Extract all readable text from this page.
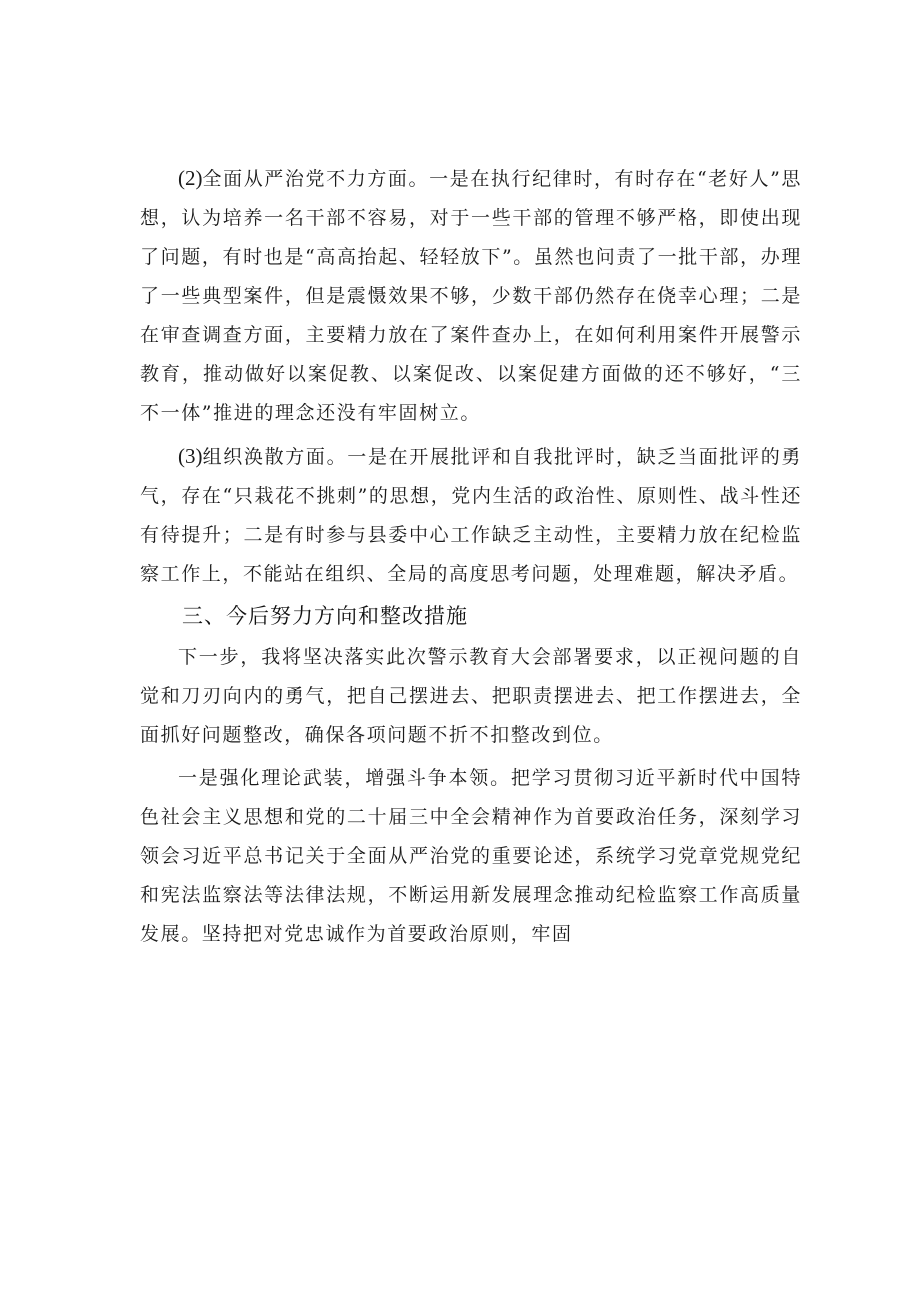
(2)全面从严治党不力方面。一是在执行纪律时，有时存在“老好人”思想，认为培养一名干部不容易，对于一些干部的管理不够严格，即使出现了问题，有时也是“高高抬起、轻轻放下”。虽然也问责了一批干部，办理了一些典型案件，但是震慑效果不够，少数干部仍然存在侥幸心理；二是在审查调查方面，主要精力放在了案件查办上，在如何利用案件开展警示教育，推动做好以案促教、以案促改、以案促建方面做的还不够好，“三不一体”推进的理念还没有牢固树立。

(3)组织涣散方面。一是在开展批评和自我批评时，缺乏当面批评的勇气，存在“只栽花不挑刺”的思想，党内生活的政治性、原则性、战斗性还有待提升；二是有时参与县委中心工作缺乏主动性，主要精力放在纪检监察工作上，不能站在组织、全局的高度思考问题，处理难题，解决矛盾。

三、今后努力方向和整改措施

下一步，我将坚决落实此次警示教育大会部署要求，以正视问题的自觉和刀刃向内的勇气，把自己摆进去、把职责摆进去、把工作摆进去，全面抓好问题整改，确保各项问题不折不扣整改到位。

一是强化理论武装，增强斗争本领。把学习贯彻习近平新时代中国特色社会主义思想和党的二十届三中全会精神作为首要政治任务，深刻学习领会习近平总书记关于全面从严治党的重要论述，系统学习党章党规党纪和宪法监察法等法律法规，不断运用新发展理念推动纪检监察工作高质量发展。坚持把对党忠诚作为首要政治原则，牢固
